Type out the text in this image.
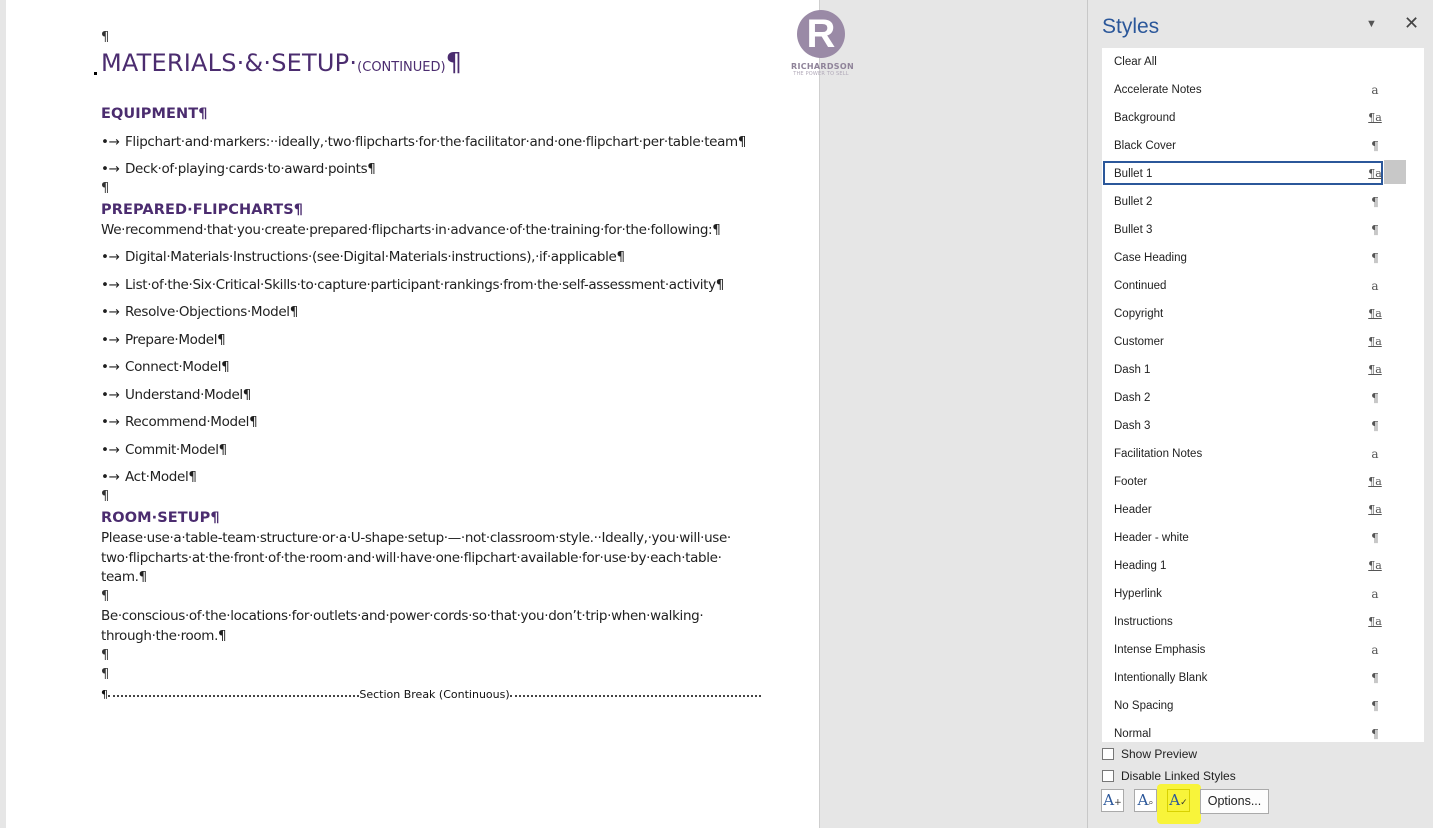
¶
MATERIALS·&·SETUP·(CONTINUED)¶
R
RICHARDSON
THE POWER TO SELL
EQUIPMENT¶
•→ Flipchart·and·markers:··ideally,·two·flipcharts·for·the·facilitator·and·one·flipchart·per·table·team¶
•→ Deck·of·playing·cards·to·award·points¶
¶
PREPARED·FLIPCHARTS¶
We·recommend·that·you·create·prepared·flipcharts·in·advance·of·the·training·for·the·following:¶
•→ Digital·Materials·Instructions·(see·Digital·Materials·instructions),·if·applicable¶
•→ List·of·the·Six·Critical·Skills·to·capture·participant·rankings·from·the·self-assessment·activity¶
•→ Resolve·Objections·Model¶
•→ Prepare·Model¶
•→ Connect·Model¶
•→ Understand·Model¶
•→ Recommend·Model¶
•→ Commit·Model¶
•→ Act·Model¶
¶
ROOM·SETUP¶
Please·use·a·table-team·structure·or·a·U-shape·setup·—·not·classroom·style.··Ideally,·you·will·use·
two·flipcharts·at·the·front·of·the·room·and·will·have·one·flipchart·available·for·use·by·each·table·
team.¶
¶
Be·conscious·of·the·locations·for·outlets·and·power·cords·so·that·you·don’t·trip·when·walking·
through·the·room.¶
¶
¶
¶	Section Break (Continuous)
Styles	▼ ✕
Clear All
Accelerate Notes	a
Background	¶a
Black Cover	¶
Bullet 1	¶a
Bullet 2	¶
Bullet 3	¶
Case Heading	¶
Continued	a
Copyright	¶a
Customer	¶a
Dash 1	¶a
Dash 2	¶
Dash 3	¶
Facilitation Notes	a
Footer	¶a
Header	¶a
Header - white	¶
Heading 1	¶a
Hyperlink	a
Instructions	¶a
Intense Emphasis	a
Intentionally Blank	¶
No Spacing	¶
Normal	¶
Show Preview
Disable Linked Styles
A+ A⌕ A✓	Options...
